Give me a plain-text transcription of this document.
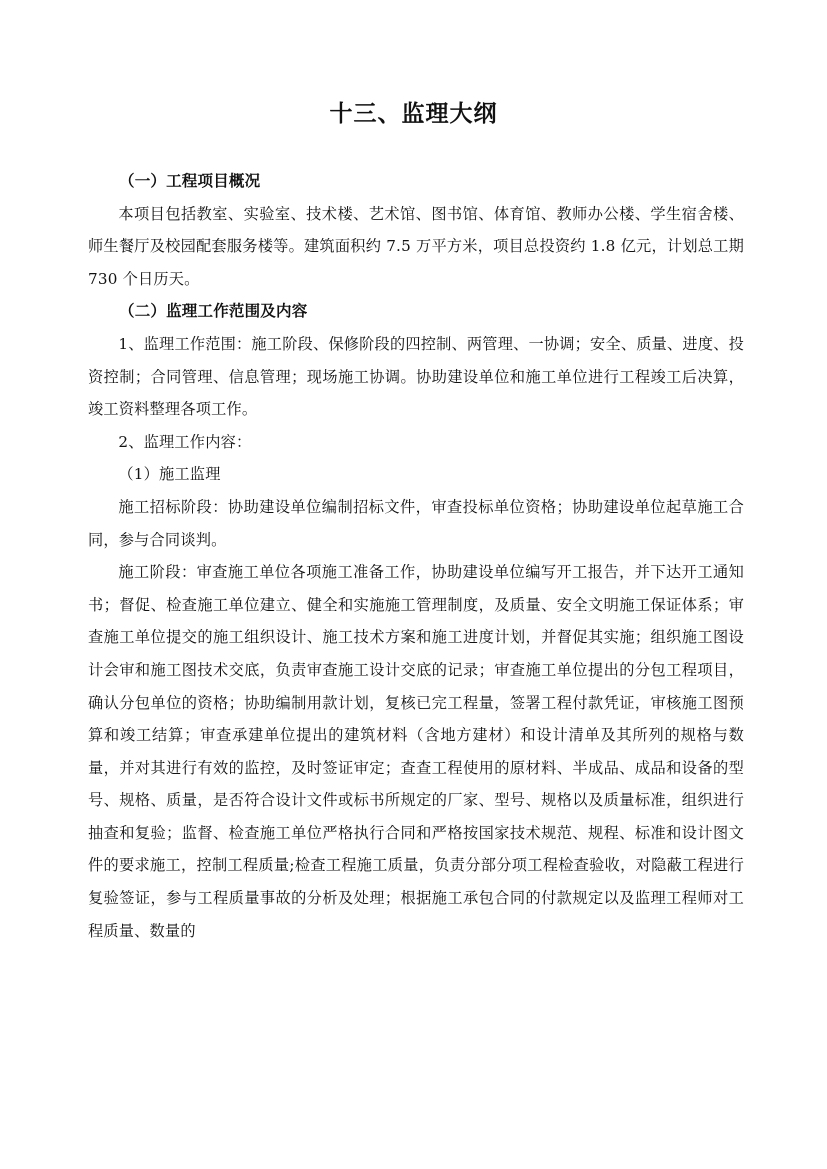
十三、监理大纲

（一）工程项目概况

本项目包括教室、实验室、技术楼、艺术馆、图书馆、体育馆、教师办公楼、学生宿舍楼、师生餐厅及校园配套服务楼等。建筑面积约 7.5 万平方米，项目总投资约 1.8 亿元，计划总工期 730 个日历天。

（二）监理工作范围及内容

1、监理工作范围：施工阶段、保修阶段的四控制、两管理、一协调；安全、质量、进度、投资控制；合同管理、信息管理；现场施工协调。协助建设单位和施工单位进行工程竣工后决算，竣工资料整理各项工作。

2、监理工作内容：

（1）施工监理

施工招标阶段：协助建设单位编制招标文件，审查投标单位资格；协助建设单位起草施工合同，参与合同谈判。

施工阶段：审查施工单位各项施工准备工作，协助建设单位编写开工报告，并下达开工通知书；督促、检查施工单位建立、健全和实施施工管理制度，及质量、安全文明施工保证体系；审查施工单位提交的施工组织设计、施工技术方案和施工进度计划，并督促其实施；组织施工图设计会审和施工图技术交底，负责审查施工设计交底的记录；审查施工单位提出的分包工程项目，确认分包单位的资格；协助编制用款计划，复核已完工程量，签署工程付款凭证，审核施工图预算和竣工结算；审查承建单位提出的建筑材料（含地方建材）和设计清单及其所列的规格与数量，并对其进行有效的监控，及时签证审定；查查工程使用的原材料、半成品、成品和设备的型号、规格、质量，是否符合设计文件或标书所规定的厂家、型号、规格以及质量标准，组织进行抽查和复验；监督、检查施工单位严格执行合同和严格按国家技术规范、规程、标准和设计图文件的要求施工，控制工程质量;检查工程施工质量，负责分部分项工程检查验收，对隐蔽工程进行复验签证，参与工程质量事故的分析及处理；根据施工承包合同的付款规定以及监理工程师对工程质量、数量的
